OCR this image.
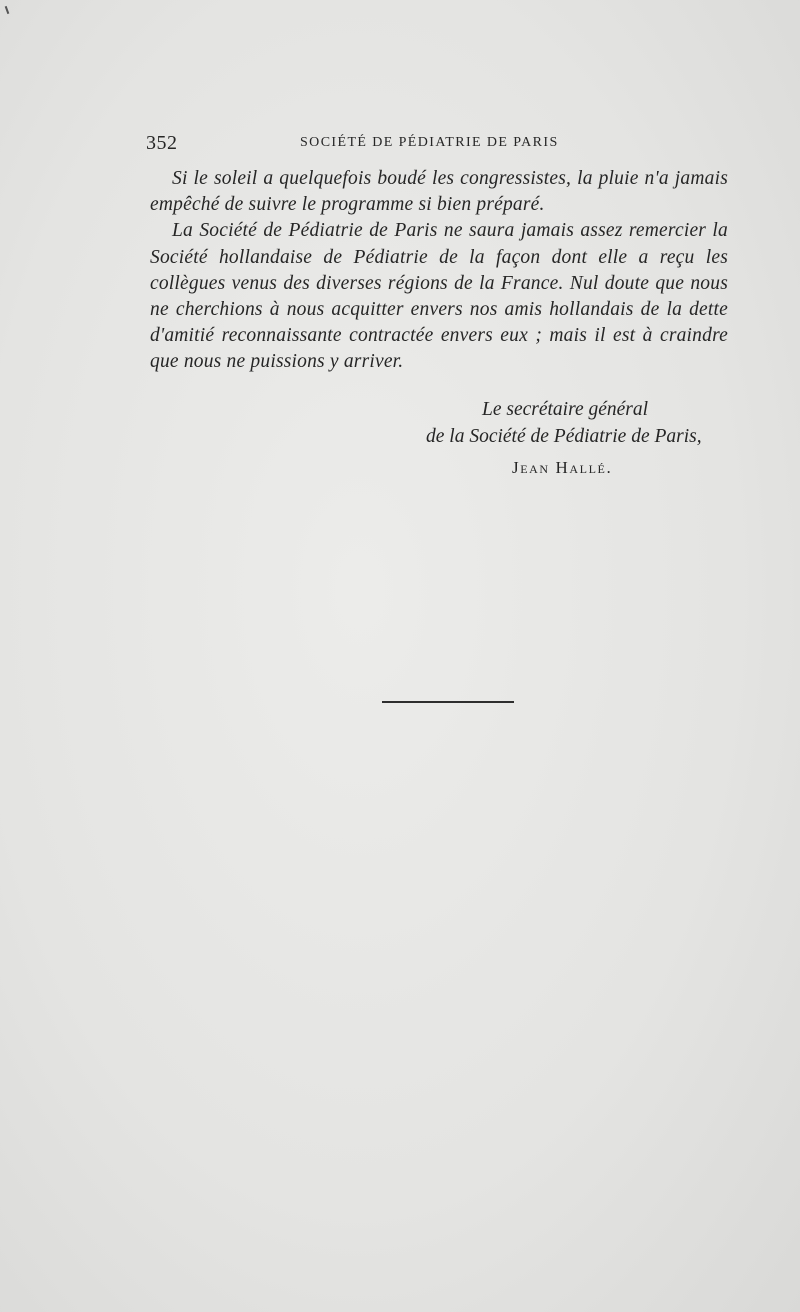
352	SOCIÉTÉ DE PÉDIATRIE DE PARIS

Si le soleil a quelquefois boudé les congressistes, la pluie n'a jamais empêché de suivre le programme si bien préparé.

La Société de Pédiatrie de Paris ne saura jamais assez remercier la Société hollandaise de Pédiatrie de la façon dont elle a reçu les collègues venus des diverses régions de la France. Nul doute que nous ne cherchions à nous acquitter envers nos amis hollandais de la dette d'amitié reconnaissante contractée envers eux ; mais il est à craindre que nous ne puissions y arriver.

Le secrétaire général
de la Société de Pédiatrie de Paris,
Jean Hallé.
